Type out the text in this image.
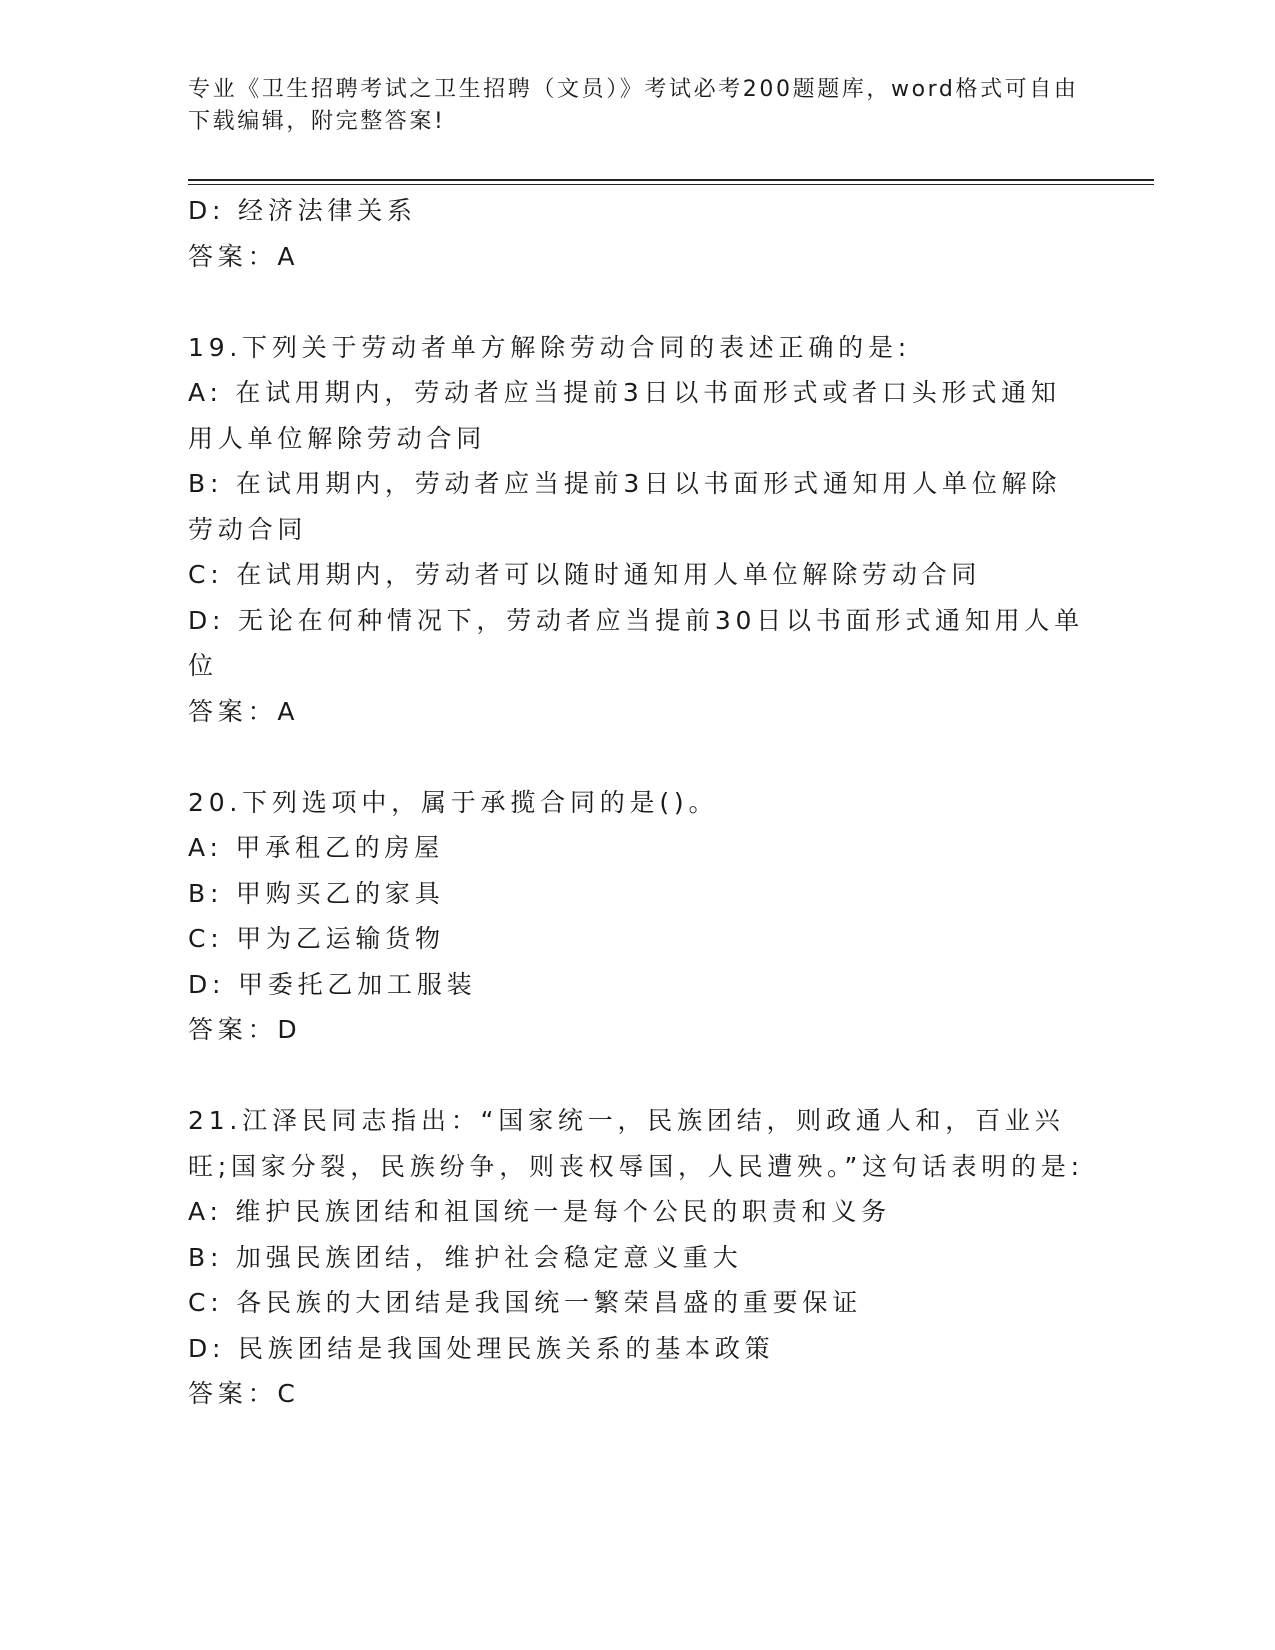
专业《卫生招聘考试之卫生招聘（文员）》考试必考200题题库，word格式可自由下载编辑，附完整答案!
D: 经济法律关系
答案：A
19.下列关于劳动者单方解除劳动合同的表述正确的是:
A: 在试用期内，劳动者应当提前3日以书面形式或者口头形式通知用人单位解除劳动合同
B: 在试用期内，劳动者应当提前3日以书面形式通知用人单位解除劳动合同
C: 在试用期内，劳动者可以随时通知用人单位解除劳动合同
D: 无论在何种情况下，劳动者应当提前30日以书面形式通知用人单位
答案：A
20.下列选项中，属于承揽合同的是()。
A: 甲承租乙的房屋
B: 甲购买乙的家具
C: 甲为乙运输货物
D: 甲委托乙加工服装
答案：D
21.江泽民同志指出：“国家统一，民族团结，则政通人和，百业兴旺;国家分裂，民族纷争，则丧权辱国，人民遭殃。”这句话表明的是:
A: 维护民族团结和祖国统一是每个公民的职责和义务
B: 加强民族团结，维护社会稳定意义重大
C: 各民族的大团结是我国统一繁荣昌盛的重要保证
D: 民族团结是我国处理民族关系的基本政策
答案：C
